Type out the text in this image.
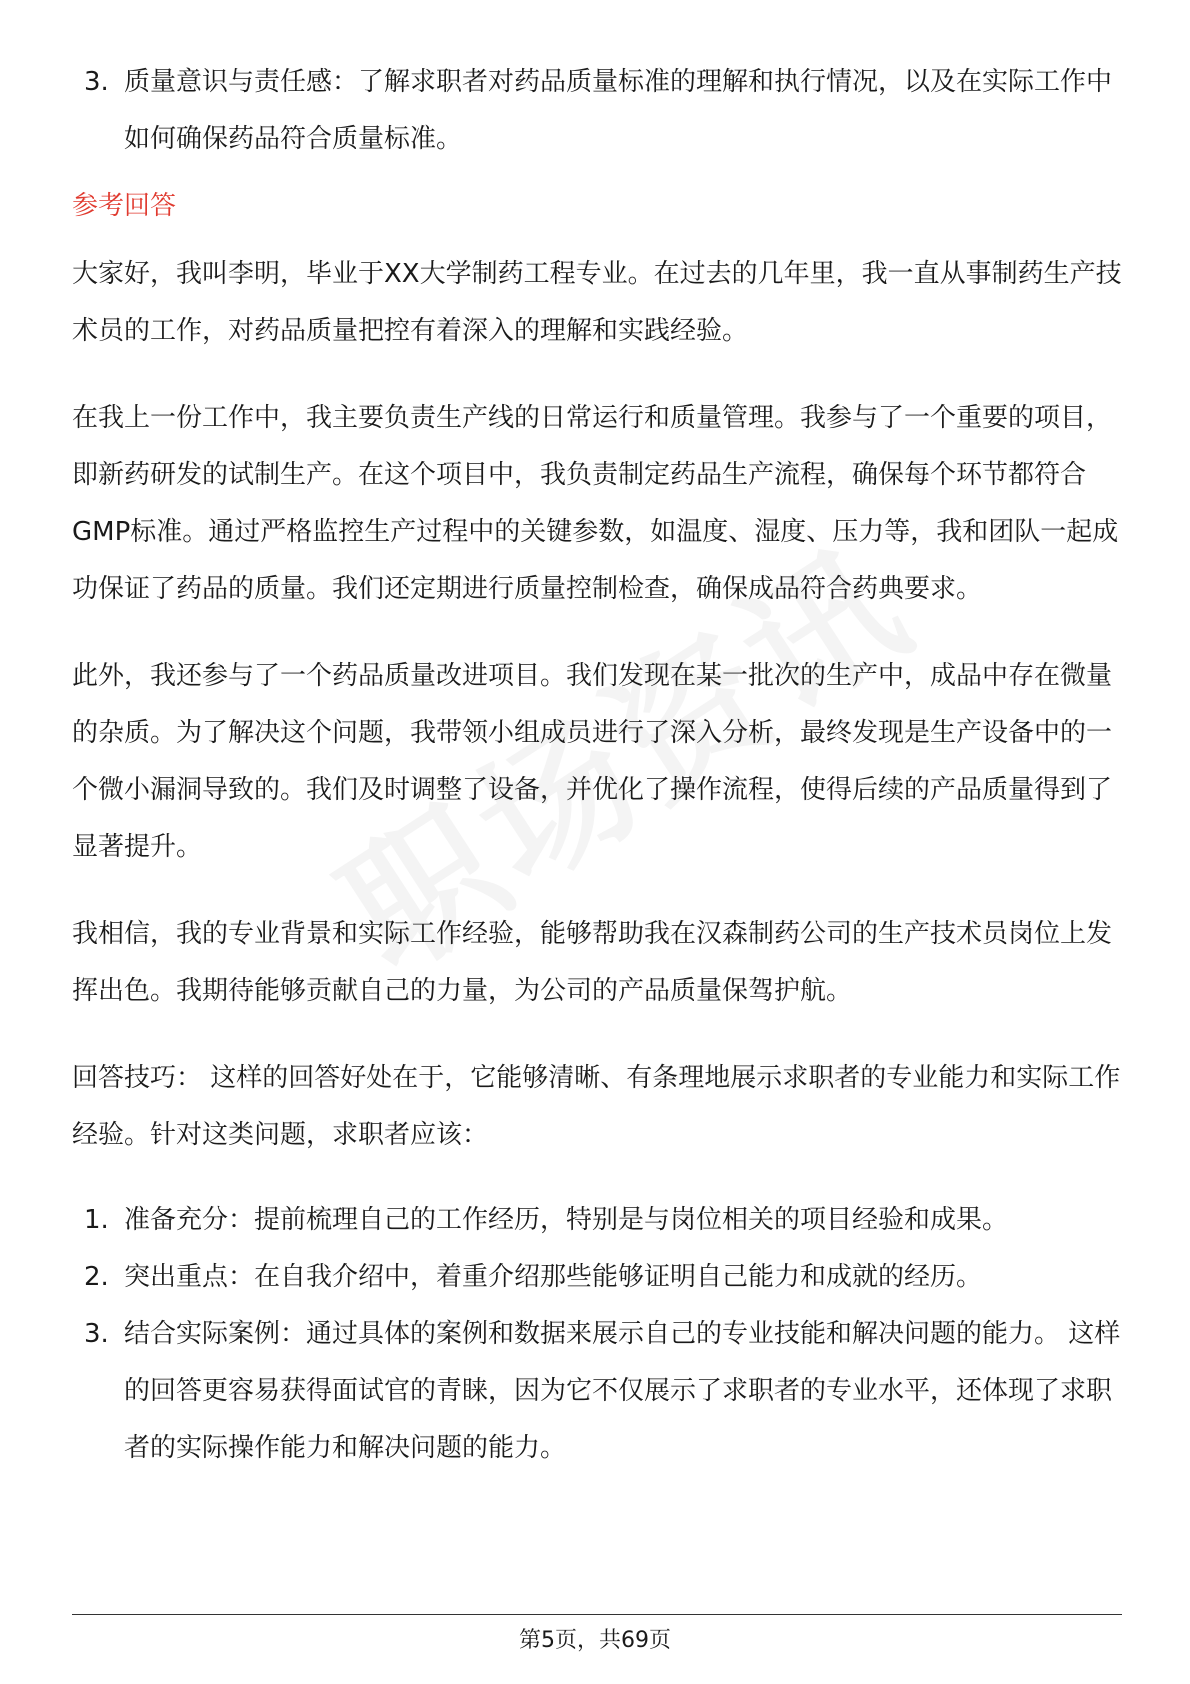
3. 质量意识与责任感：了解求职者对药品质量标准的理解和执行情况，以及在实际工作中如何确保药品符合质量标准。
参考回答

大家好，我叫李明，毕业于XX大学制药工程专业。在过去的几年里，我一直从事制药生产技术员的工作，对药品质量把控有着深入的理解和实践经验。

在我上一份工作中，我主要负责生产线的日常运行和质量管理。我参与了一个重要的项目，即新药研发的试制生产。在这个项目中，我负责制定药品生产流程，确保每个环节都符合GMP标准。通过严格监控生产过程中的关键参数，如温度、湿度、压力等，我和团队一起成功保证了药品的质量。我们还定期进行质量控制检查，确保成品符合药典要求。

此外，我还参与了一个药品质量改进项目。我们发现在某一批次的生产中，成品中存在微量的杂质。为了解决这个问题，我带领小组成员进行了深入分析，最终发现是生产设备中的一个微小漏洞导致的。我们及时调整了设备，并优化了操作流程，使得后续的产品质量得到了显著提升。

我相信，我的专业背景和实际工作经验，能够帮助我在汉森制药公司的生产技术员岗位上发挥出色。我期待能够贡献自己的力量，为公司的产品质量保驾护航。

回答技巧： 这样的回答好处在于，它能够清晰、有条理地展示求职者的专业能力和实际工作经验。针对这类问题，求职者应该：

1. 准备充分：提前梳理自己的工作经历，特别是与岗位相关的项目经验和成果。
2. 突出重点：在自我介绍中，着重介绍那些能够证明自己能力和成就的经历。
3. 结合实际案例：通过具体的案例和数据来展示自己的专业技能和解决问题的能力。 这样的回答更容易获得面试官的青睐，因为它不仅展示了求职者的专业水平，还体现了求职者的实际操作能力和解决问题的能力。
第5页，共69页
